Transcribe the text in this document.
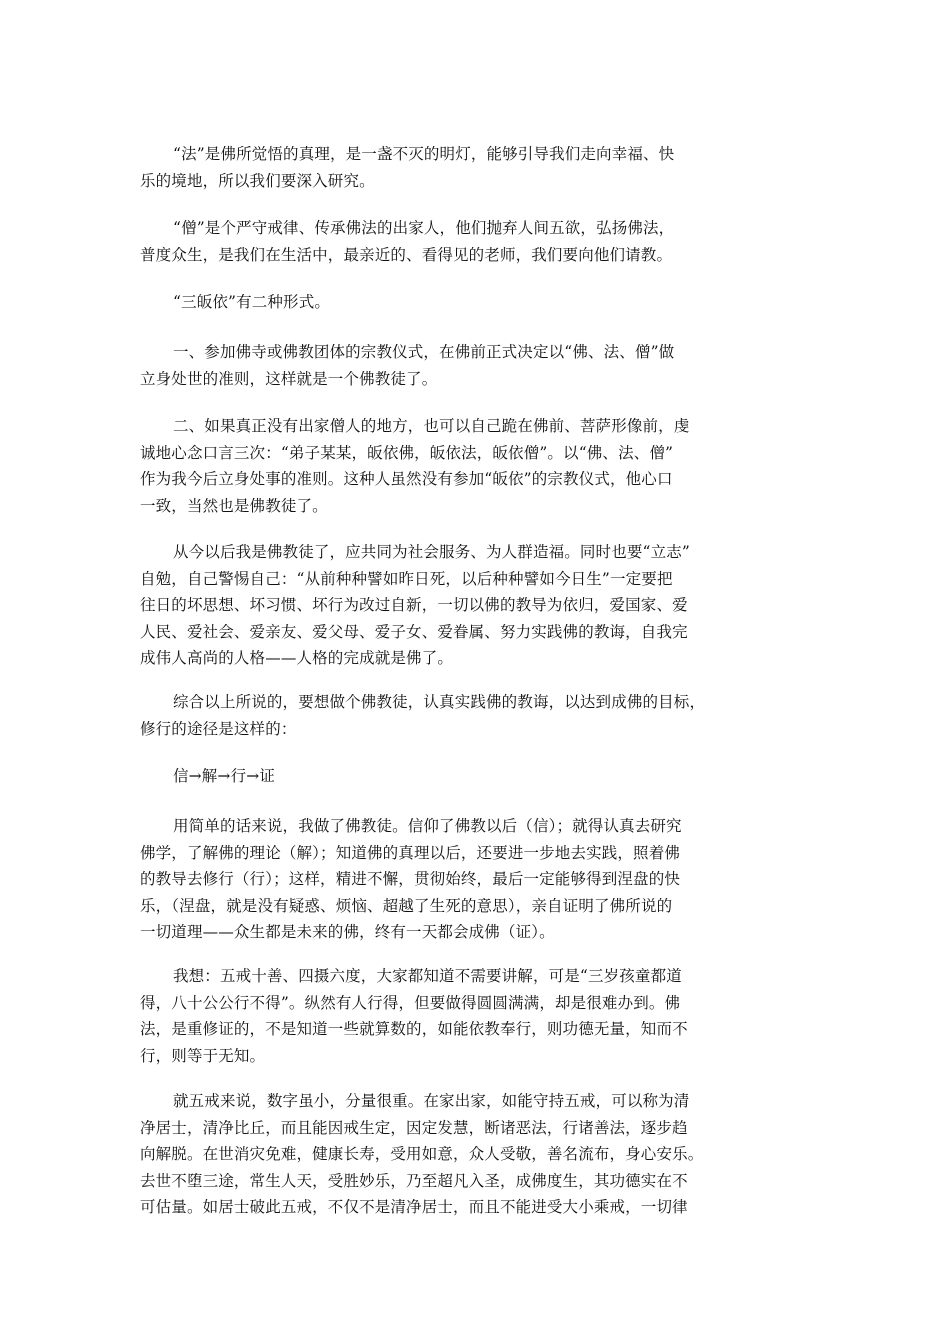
“法”是佛所觉悟的真理，是一盏不灭的明灯，能够引导我们走向幸福、快
乐的境地，所以我们要深入研究。
“僧”是个严守戒律、传承佛法的出家人，他们抛弃人间五欲，弘扬佛法，
普度众生，是我们在生活中，最亲近的、看得见的老师，我们要向他们请教。
“三皈依”有二种形式。
一、参加佛寺或佛教团体的宗教仪式，在佛前正式决定以“佛、法、僧”做
立身处世的准则，这样就是一个佛教徒了。
二、如果真正没有出家僧人的地方，也可以自己跪在佛前、菩萨形像前，虔
诚地心念口言三次：“弟子某某，皈依佛，皈依法，皈依僧”。以“佛、法、僧”
作为我今后立身处事的准则。这种人虽然没有参加“皈依”的宗教仪式，他心口
一致，当然也是佛教徒了。
从今以后我是佛教徒了，应共同为社会服务、为人群造福。同时也要“立志”
自勉，自己警惕自己：“从前种种譬如昨日死，以后种种譬如今日生”一定要把
往日的坏思想、坏习惯、坏行为改过自新，一切以佛的教导为依归，爱国家、爱
人民、爱社会、爱亲友、爱父母、爱子女、爱眷属、努力实践佛的教诲，自我完
成伟人高尚的人格——人格的完成就是佛了。
综合以上所说的，要想做个佛教徒，认真实践佛的教诲，以达到成佛的目标，
修行的途径是这样的：
信→解→行→证
用简单的话来说，我做了佛教徒。信仰了佛教以后（信）；就得认真去研究
佛学，了解佛的理论（解）；知道佛的真理以后，还要进一步地去实践，照着佛
的教导去修行（行）；这样，精进不懈，贯彻始终，最后一定能够得到涅盘的快
乐，（涅盘，就是没有疑惑、烦恼、超越了生死的意思），亲自证明了佛所说的
一切道理——众生都是未来的佛，终有一天都会成佛（证）。
我想：五戒十善、四摄六度，大家都知道不需要讲解，可是“三岁孩童都道
得，八十公公行不得”。纵然有人行得，但要做得圆圆满满，却是很难办到。佛
法，是重修证的，不是知道一些就算数的，如能依教奉行，则功德无量，知而不
行，则等于无知。
就五戒来说，数字虽小，分量很重。在家出家，如能守持五戒，可以称为清
净居士，清净比丘，而且能因戒生定，因定发慧，断诸恶法，行诸善法，逐步趋
向解脱。在世消灾免难，健康长寿，受用如意，众人受敬，善名流布，身心安乐。
去世不堕三途，常生人天，受胜妙乐，乃至超凡入圣，成佛度生，其功德实在不
可估量。如居士破此五戒，不仅不是清净居士，而且不能进受大小乘戒，一切律
